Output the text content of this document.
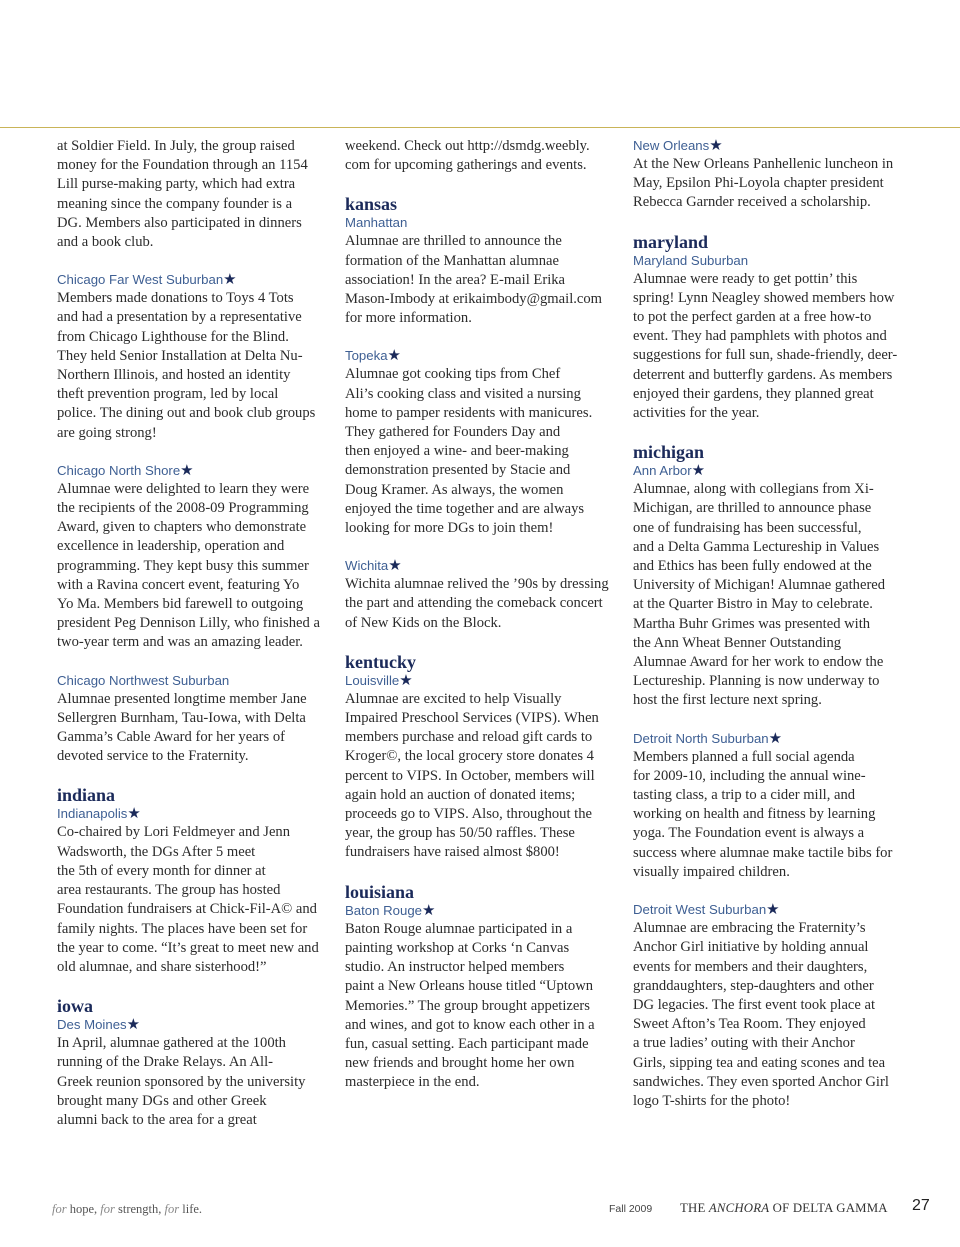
at Soldier Field. In July, the group raised
money for the Foundation through an 1154
Lill purse-making party, which had extra
meaning since the company founder is a
DG. Members also participated in dinners
and a book club.

Chicago Far West Suburban★

Members made donations to Toys 4 Tots
and had a presentation by a representative
from Chicago Lighthouse for the Blind.
They held Senior Installation at Delta Nu-
Northern Illinois, and hosted an identity
theft prevention program, led by local
police. The dining out and book club groups
are going strong!

Chicago North Shore★

Alumnae were delighted to learn they were
the recipients of the 2008-09 Programming
Award, given to chapters who demonstrate
excellence in leadership, operation and
programming. They kept busy this summer
with a Ravina concert event, featuring Yo
Yo Ma. Members bid farewell to outgoing
president Peg Dennison Lilly, who finished a
two-year term and was an amazing leader.

Chicago Northwest Suburban

Alumnae presented longtime member Jane
Sellergren Burnham, Tau-Iowa, with Delta
Gamma’s Cable Award for her years of
devoted service to the Fraternity.

indiana

Indianapolis★

Co-chaired by Lori Feldmeyer and Jenn
Wadsworth, the DGs After 5 meet
the 5th of every month for dinner at
area restaurants. The group has hosted
Foundation fundraisers at Chick-Fil-A© and
family nights. The places have been set for
the year to come. “It’s great to meet new and
old alumnae, and share sisterhood!”

iowa

Des Moines★

In April, alumnae gathered at the 100th
running of the Drake Relays. An All-
Greek reunion sponsored by the university
brought many DGs and other Greek
alumni back to the area for a great

weekend. Check out http://dsmdg.weebly.
com for upcoming gatherings and events.

kansas

Manhattan

Alumnae are thrilled to announce the
formation of the Manhattan alumnae
association! In the area? E-mail Erika
Mason-Imbody at erikaimbody@gmail.com
for more information.

Topeka★

Alumnae got cooking tips from Chef
Ali’s cooking class and visited a nursing
home to pamper residents with manicures.
They gathered for Founders Day and
then enjoyed a wine- and beer-making
demonstration presented by Stacie and
Doug Kramer. As always, the women
enjoyed the time together and are always
looking for more DGs to join them!

Wichita★

Wichita alumnae relived the ’90s by dressing
the part and attending the comeback concert
of New Kids on the Block.

kentucky

Louisville★

Alumnae are excited to help Visually
Impaired Preschool Services (VIPS). When
members purchase and reload gift cards to
Kroger©, the local grocery store donates 4
percent to VIPS. In October, members will
again hold an auction of donated items;
proceeds go to VIPS. Also, throughout the
year, the group has 50/50 raffles. These
fundraisers have raised almost $800!

louisiana

Baton Rouge★

Baton Rouge alumnae participated in a
painting workshop at Corks ‘n Canvas
studio. An instructor helped members
paint a New Orleans house titled “Uptown
Memories.” The group brought appetizers
and wines, and got to know each other in a
fun, casual setting. Each participant made
new friends and brought home her own
masterpiece in the end.

New Orleans★

At the New Orleans Panhellenic luncheon in
May, Epsilon Phi-Loyola chapter president
Rebecca Garnder received a scholarship.

maryland

Maryland Suburban

Alumnae were ready to get pottin’ this
spring! Lynn Neagley showed members how
to pot the perfect garden at a free how-to
event. They had pamphlets with photos and
suggestions for full sun, shade-friendly, deer-
deterrent and butterfly gardens. As members
enjoyed their gardens, they planned great
activities for the year.

michigan

Ann Arbor★

Alumnae, along with collegians from Xi-
Michigan, are thrilled to announce phase
one of fundraising has been successful,
and a Delta Gamma Lectureship in Values
and Ethics has been fully endowed at the
University of Michigan! Alumnae gathered
at the Quarter Bistro in May to celebrate.
Martha Buhr Grimes was presented with
the Ann Wheat Benner Outstanding
Alumnae Award for her work to endow the
Lectureship. Planning is now underway to
host the first lecture next spring.

Detroit North Suburban★

Members planned a full social agenda
for 2009-10, including the annual wine-
tasting class, a trip to a cider mill, and
working on health and fitness by learning
yoga. The Foundation event is always a
success where alumnae make tactile bibs for
visually impaired children.

Detroit West Suburban★

Alumnae are embracing the Fraternity’s
Anchor Girl initiative by holding annual
events for members and their daughters,
granddaughters, step-daughters and other
DG legacies. The first event took place at
Sweet Afton’s Tea Room. They enjoyed
a true ladies’ outing with their Anchor
Girls, sipping tea and eating scones and tea
sandwiches. They even sported Anchor Girl
logo T-shirts for the photo!

for hope, for strength, for life.	Fall 2009 THE ANCHORA OF DELTA GAMMA 27
